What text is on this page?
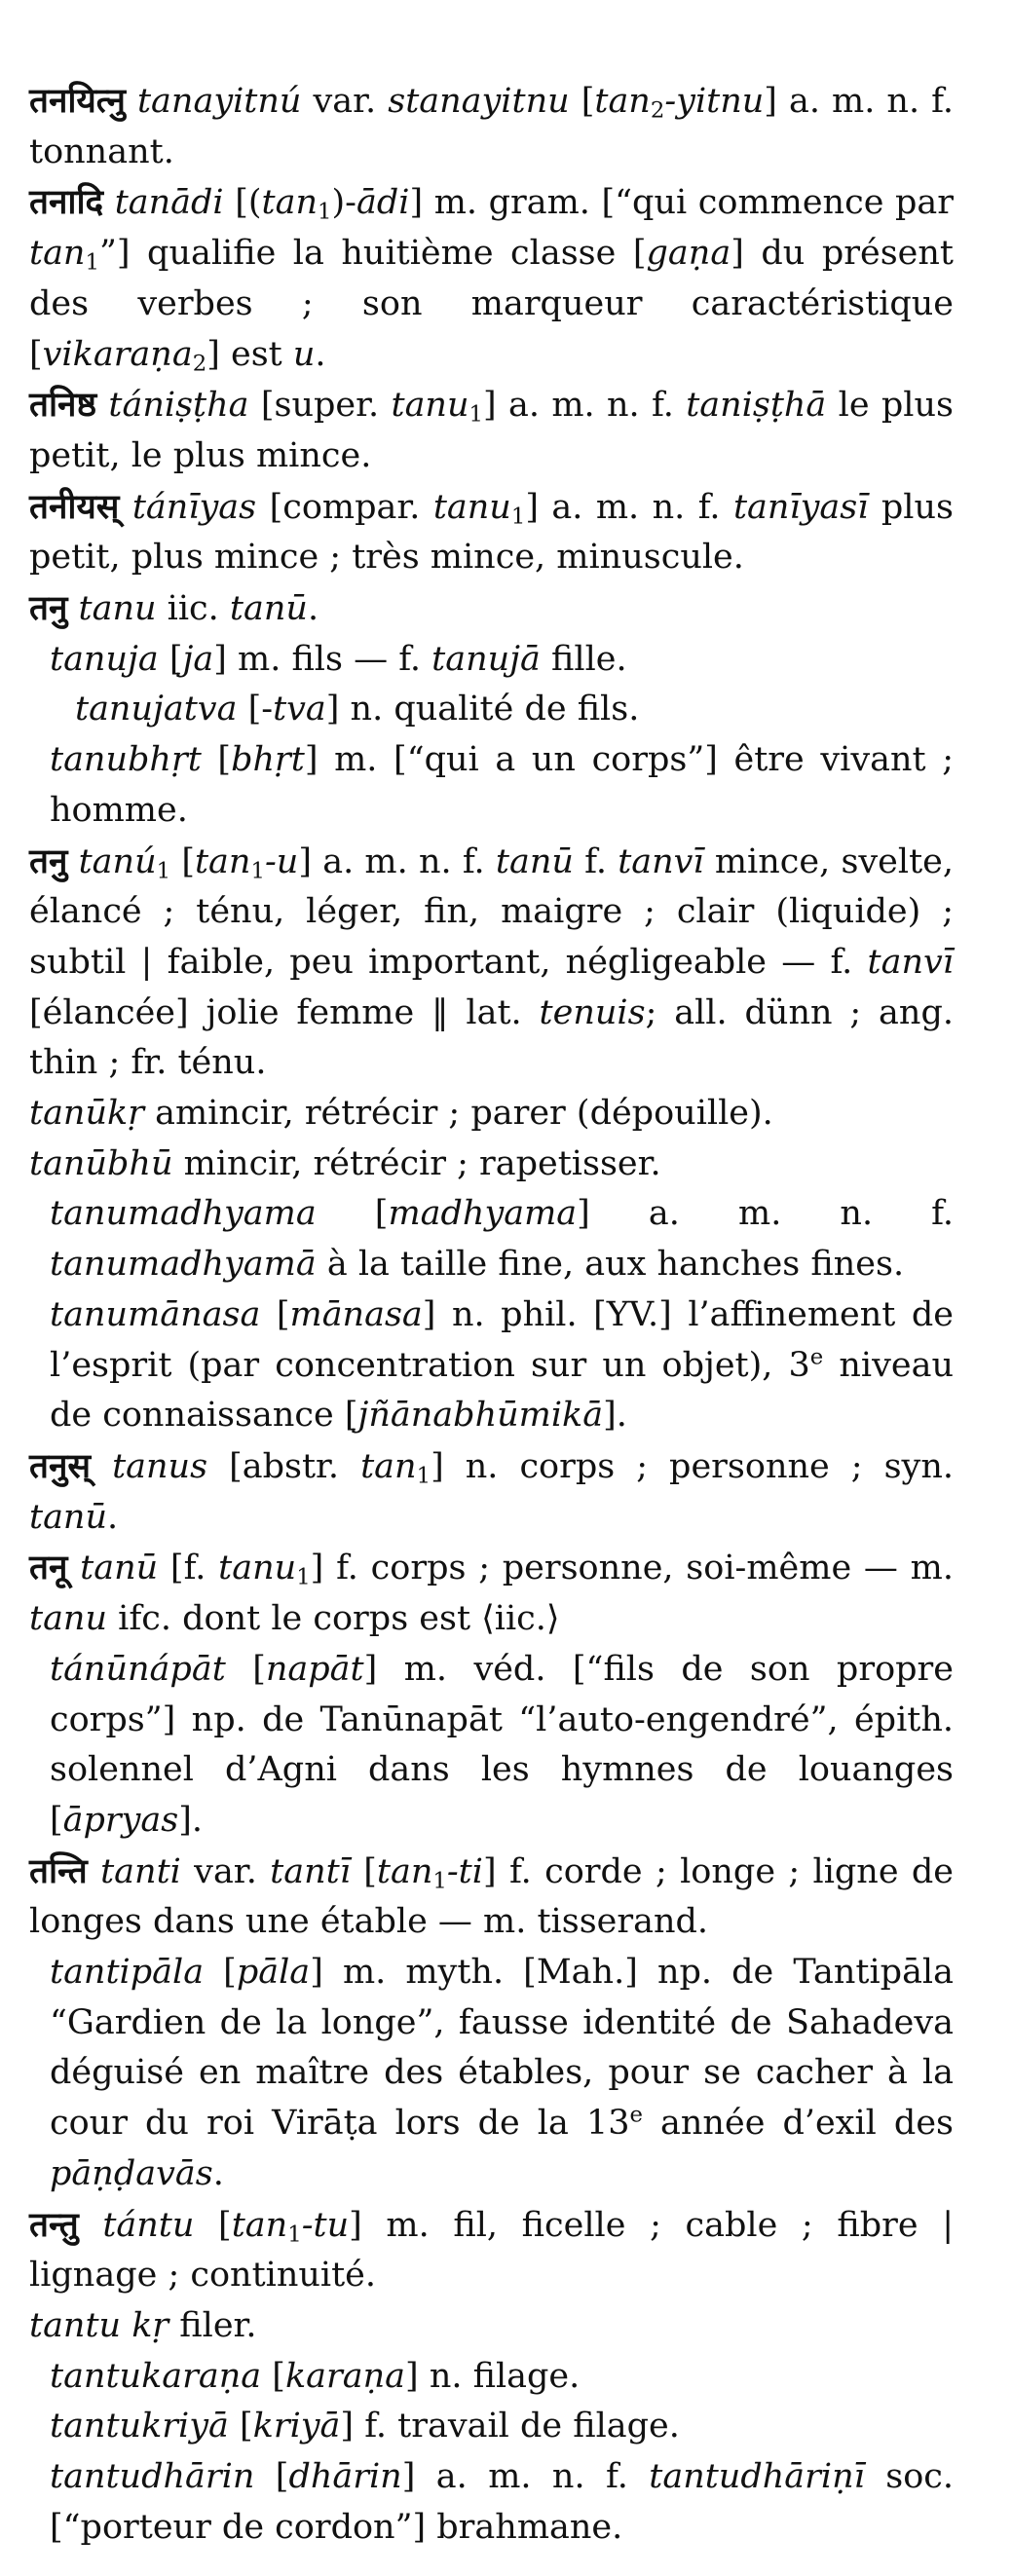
तनयित्नु tanayitnú var. stanayitnu $[\tan_2-yitnu]$ a. m. n. f. tonnant.

तनादि tanādi $[(\tan_1)-ādi]$ m. gram. [“qui commence par $\tan_1$”] qualifie la huitième classe [gaṇa] du présent des verbes ; son marqueur caractéristique [vikaraṇa$_2$] est u.

तनिष्ठ tániṣṭha [super. tanu$_1$] a. m. n. f. taniṣṭhā le plus petit, le plus mince.

तनीयस् tánīyas [compar. tanu$_1$] a. m. n. f. tanīyasī plus petit, plus mince ; très mince, minuscule.

तनु tanu iic. tanū.

tanuja [ja] m. fils — f. tanujā fille.

tanujatva [-tva] n. qualité de fils.

tanubhṛt [bhṛt] m. [“qui a un corps”] être vivant ; homme.

तनु tanú$_1$ $[\tan_1-u]$ a. m. n. f. tanū f. tanvī mince, svelte, élancé ; ténu, léger, fin, maigre ; clair (liquide) ; subtil | faible, peu important, négligeable — f. tanvī [élancée] jolie femme ‖ lat. tenuis; all. dünn ; ang. thin ; fr. ténu.

tanūkṛ amincir, rétrécir ; parer (dépouille).

tanūbhū mincir, rétrécir ; rapetisser.

tanumadhyama [madhyama] a. m. n. f. tanumadhyamā à la taille fine, aux hanches fines.

tanumānasa [mānasa] n. phil. [YV.] l’affinement de l’esprit (par concentration sur un objet), 3e niveau de connaissance [jñānabhūmikā].

तनुस् tanus [abstr. $\tan_1$] n. corps ; personne ; syn. tanū.

तनू tanū [f. tanu$_1$] f. corps ; personne, soi-même — m. tanu ifc. dont le corps est ⟨iic.⟩

tánūnápāt [napāt] m. véd. [“fils de son propre corps”] np. de Tanūnapāt “l’auto-engendré”, épith. solennel d’Agni dans les hymnes de louanges [āpryas].

तन्ति tanti var. tantī $[\tan_1-ti]$ f. corde ; longe ; ligne de longes dans une étable — m. tisserand.

tantipāla [pāla] m. myth. [Mah.] np. de Tantipāla “Gardien de la longe”, fausse identité de Sahadeva déguisé en maître des étables, pour se cacher à la cour du roi Virāṭa lors de la 13e année d’exil des pāṇḍavās.

तन्तु tántu $[\tan_1-tu]$ m. fil, ficelle ; cable ; fibre | lignage ; continuité.

tantu kṛ filer.

tantukaraṇa [karaṇa] n. filage.

tantukriyā [kriyā] f. travail de filage.

tantudhārin [dhārin] a. m. n. f. tantudhāriṇī soc. [“porteur de cordon”] brahmane.
